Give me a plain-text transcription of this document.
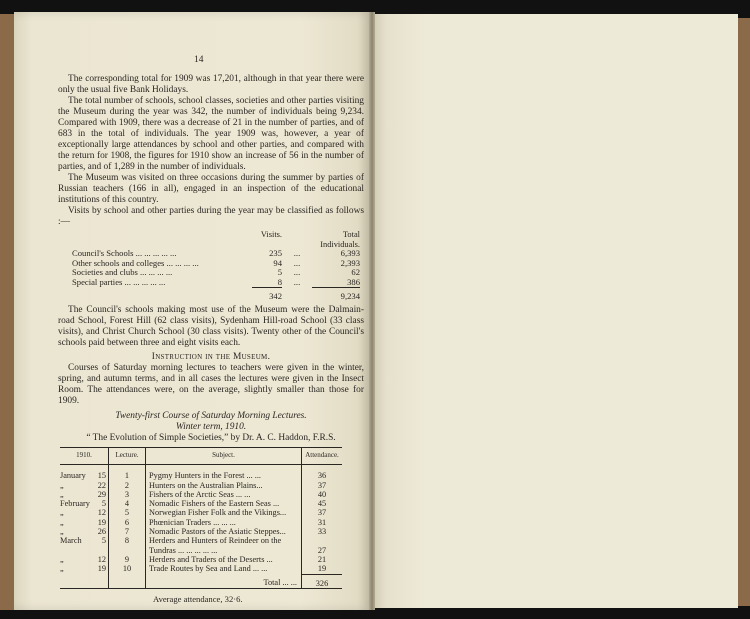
14

The corresponding total for 1909 was 17,201, although in that year there were only the usual five Bank Holidays.

The total number of schools, school classes, societies and other parties visiting the Museum during the year was 342, the number of individuals being 9,234. Compared with 1909, there was a decrease of 21 in the number of parties, and of 683 in the total of individuals. The year 1909 was, however, a year of exceptionally large attendances by school and other parties, and compared with the return for 1908, the figures for 1910 show an increase of 56 in the number of parties, and of 1,289 in the number of individuals.

The Museum was visited on three occasions during the summer by parties of Russian teachers (166 in all), engaged in an inspection of the educational institutions of this country.

Visits by school and other parties during the year may be classified as follows :—

	Visits.		Total
			Individuals.
Council's Schools ... ... ... ... ...	235	...	6,393
Other schools and colleges ... ... ... ...	94	...	2,393
Societies and clubs ... ... ... ...	5	...	62
Special parties ... ... ... ... ...	8	...	386

	342		9,234

The Council's schools making most use of the Museum were the Dalmain-road School, Forest Hill (62 class visits), Sydenham Hill-road School (33 class visits), and Christ Church School (30 class visits). Twenty other of the Council's schools paid between three and eight visits each.

Instruction in the Museum.

Courses of Saturday morning lectures to teachers were given in the winter, spring, and autumn terms, and in all cases the lectures were given in the Insect Room. The attendances were, on the average, slightly smaller than those for 1909.

Twenty-first Course of Saturday Morning Lectures.

Winter term, 1910.

“ The Evolution of Simple Societies,” by Dr. A. C. Haddon, F.R.S.

1910.	Lecture.	Subject.	Attendance.
January 15	1	Pygmy Hunters in the Forest ... ...	36
„ 22	2	Hunters on the Australian Plains...	37
„ 29	3	Fishers of the Arctic Seas ... ...	40
February 5	4	Nomadic Fishers of the Eastern Seas ...	45
„ 12	5	Norwegian Fisher Folk and the Vikings...	37
„ 19	6	Phœnician Traders ... ... ...	31
„ 26	7	Nomadic Pastors of the Asiatic Steppes...	33
March 5	8	Herders and Hunters of Reindeer on the	
		Tundras ... ... ... ... ...	27
„ 12	9	Herders and Traders of the Deserts ...	21
„ 19	10	Trade Routes by Sea and Land ... ...	19
		Total ... ...	326

Average attendance, 32·6.
